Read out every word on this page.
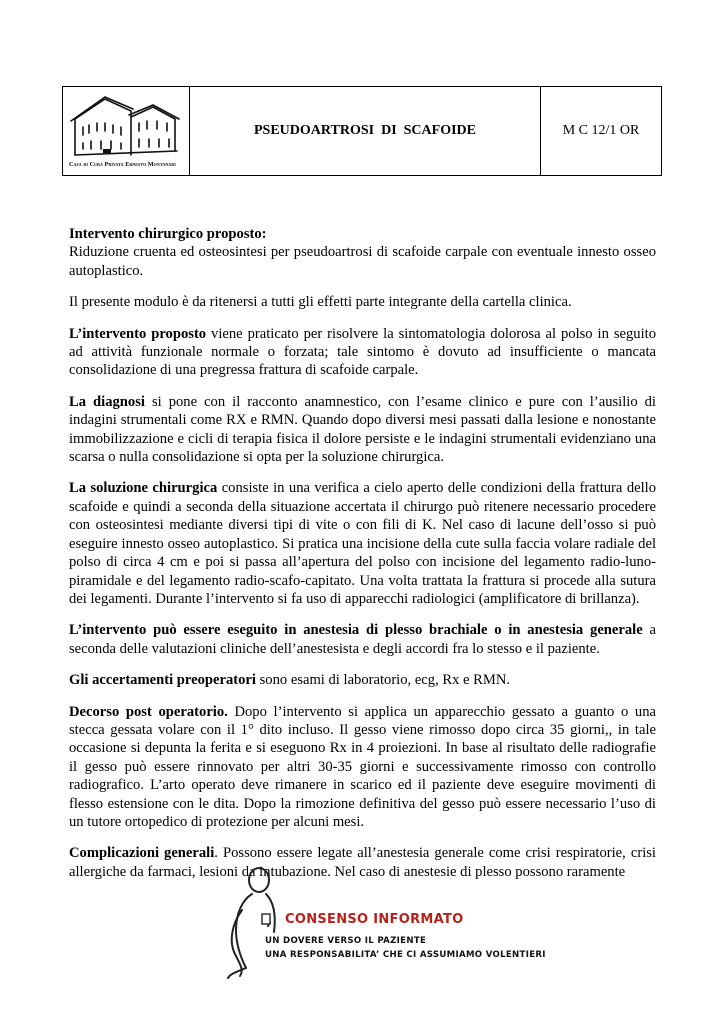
Casa di Cura Privata Ernesto Montanari
PSEUDOARTROSI  DI  SCAFOIDE	M C 12/1 OR

Intervento chirurgico proposto:
Riduzione cruenta ed osteosintesi per pseudoartrosi di scafoide carpale con eventuale innesto osseo autoplastico.

Il presente modulo è da ritenersi a tutti gli effetti parte integrante della cartella clinica.

L’intervento proposto viene praticato per risolvere la sintomatologia dolorosa al polso in seguito ad attività funzionale normale o forzata; tale sintomo è dovuto ad insufficiente o mancata consolidazione di una pregressa frattura di scafoide carpale.

La diagnosi si pone con il racconto anamnestico, con l’esame clinico e pure con l’ausilio di indagini strumentali come RX e RMN. Quando dopo diversi mesi passati dalla lesione e nonostante immobilizzazione e cicli di terapia fisica il dolore persiste e le indagini strumentali evidenziano una scarsa o nulla consolidazione si opta per la soluzione chirurgica.

La soluzione chirurgica consiste in una verifica a cielo aperto delle condizioni della frattura dello scafoide e quindi a seconda della situazione accertata il chirurgo può ritenere necessario procedere con osteosintesi mediante diversi tipi di vite o con fili di K. Nel caso di lacune dell’osso si può eseguire innesto osseo autoplastico. Si pratica una incisione della cute sulla faccia volare radiale del polso di circa 4 cm e poi si passa all’apertura del polso con incisione del legamento radio-luno-piramidale e del legamento radio-scafo-capitato. Una volta trattata la frattura si procede alla sutura dei legamenti. Durante l’intervento si fa uso di apparecchi radiologici (amplificatore di brillanza).

L’intervento può essere eseguito in anestesia di plesso brachiale o in anestesia generale a seconda delle valutazioni cliniche dell’anestesista e degli accordi fra lo stesso e il paziente.

Gli accertamenti preoperatori sono esami di laboratorio, ecg, Rx e RMN.

Decorso post operatorio. Dopo l’intervento si applica un apparecchio gessato a guanto o una stecca gessata volare con il 1° dito incluso. Il gesso viene rimosso dopo circa 35 giorni,, in tale occasione si depunta la ferita e si eseguono Rx in 4 proiezioni. In base al risultato delle radiografie il gesso può essere rinnovato per altri 30-35 giorni e successivamente rimosso con controllo radiografico. L’arto operato deve rimanere in scarico ed il paziente deve eseguire movimenti di flesso estensione con le dita. Dopo la rimozione definitiva del gesso può essere necessario l’uso di un tutore ortopedico di protezione per alcuni mesi.

Complicazioni generali. Possono essere legate all’anestesia generale come crisi respiratorie, crisi allergiche da farmaci, lesioni da intubazione. Nel caso di anestesie di plesso possono raramente

CONSENSO INFORMATO
UN DOVERE VERSO IL PAZIENTE
UNA RESPONSABILITA’ CHE CI ASSUMIAMO VOLENTIERI
